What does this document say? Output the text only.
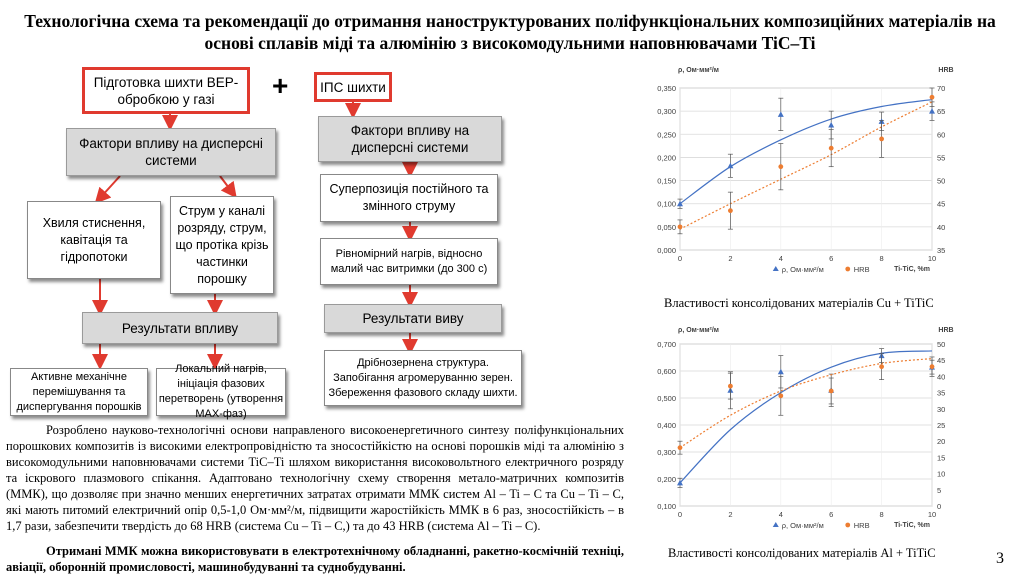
Технологічна схема та рекомендації до отримання наноструктурованих поліфункціональних композиційних матеріалів на основі сплавів міді та алюмінію з високомодульними наповнювачами TiC–Ti
Підготовка шихти ВЕР-обробкою у газі	+ ІПС шихти
Фактори впливу на дисперсні системи
Фактори впливу на дисперсні системи
Хвиля стиснення, кавітація та гідропотоки
Струм у каналі розряду, струм, що протіка крізь частинки порошку
Суперпозиція постійного та змінного струму
Рівномірний нагрів, відносно малий час витримки (до 300 с)
Результати впливу
Результати виву
Активне механічне перемішування та диспергування порошків
Локальний нагрів, ініціація фазових перетворень (утворення MAX-фаз)
Дрібнозернена структура. Запобігання агромеруванню зерен. Збереження фазового складу шихти.

Розроблено науково-технологічні основи направленого високоенергетичного синтезу поліфункціональних порошкових композитів із високими електропровідністю та зносостійкістю на основі порошків міді та алюмінію з високомодульними наповнювачами системи TiC–Ti шляхом використання високовольтного електричного розряду та іскрового плазмового спікання. Адаптовано технологічну схему створення метало-матричних композитів (ММК), що дозволяє при значно менших енергетичних затратах отримати ММК систем Al – Ti – C та Cu – Ti – C, які мають питомий електричний опір 0,5-1,0 Ом·мм²/м, підвищити жаростійкість ММК в 6 раз, зносостійкість – в 1,7 рази, забезпечити твердість до 68 HRB (система Cu – Ti – C,) та до 43 HRB (система Al – Ti – C).

Отримані ММК можна використовувати в електротехнічному обладнанні, ракетно-космічній техніці, авіації, оборонній промисловості, машинобудуванні та суднобудуванні.
0,000
0,050
0,100
0,150
0,200
0,250
0,300
0,350
35
40
45
50
55
60
65
70
0	2	4	6	8	10
ρ, Ом·мм²/м	HRB
Ti-TiC, %m
ρ, Ом·мм²/м	HRB
Властивості консолідованих матеріалів Cu + TiTiC
0,100
0,200
0,300
0,400
0,500
0,600
0,700
0
5
10
15
20
25
30
35
40
45
50
0	2	4	6	8	10
ρ, Ом·мм²/м	HRB
Ti-TiC, %m
ρ, Ом·мм²/м	HRB
Властивості консолідованих матеріалів Al + TiTiC	3
